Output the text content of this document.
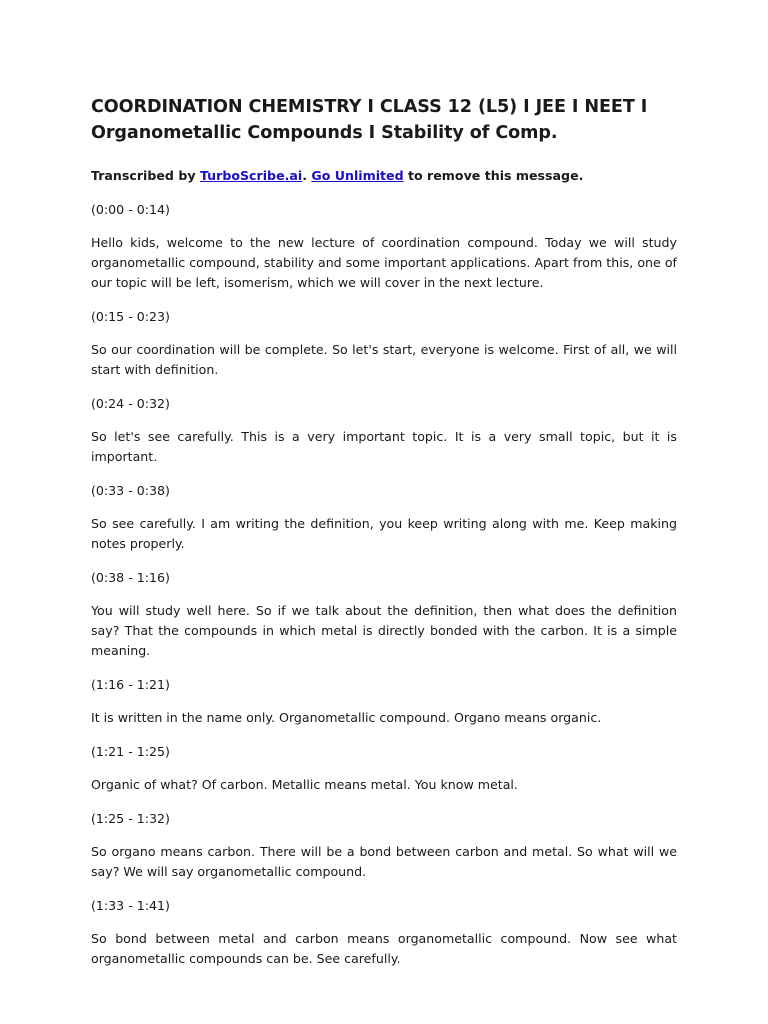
COORDINATION CHEMISTRY I CLASS 12 (L5) I JEE I NEET I Organometallic Compounds I Stability of Comp.

Transcribed by TurboScribe.ai. Go Unlimited to remove this message.

(0:00 - 0:14)

Hello kids, welcome to the new lecture of coordination compound. Today we will study organometallic compound, stability and some important applications. Apart from this, one of our topic will be left, isomerism, which we will cover in the next lecture.

(0:15 - 0:23)

So our coordination will be complete. So let's start, everyone is welcome. First of all, we will start with definition.

(0:24 - 0:32)

So let's see carefully. This is a very important topic. It is a very small topic, but it is important.

(0:33 - 0:38)

So see carefully. I am writing the definition, you keep writing along with me. Keep making notes properly.

(0:38 - 1:16)

You will study well here. So if we talk about the definition, then what does the definition say? That the compounds in which metal is directly bonded with the carbon. It is a simple meaning.

(1:16 - 1:21)

It is written in the name only. Organometallic compound. Organo means organic.

(1:21 - 1:25)

Organic of what? Of carbon. Metallic means metal. You know metal.

(1:25 - 1:32)

So organo means carbon. There will be a bond between carbon and metal. So what will we say? We will say organometallic compound.

(1:33 - 1:41)

So bond between metal and carbon means organometallic compound. Now see what organometallic compounds can be. See carefully.
